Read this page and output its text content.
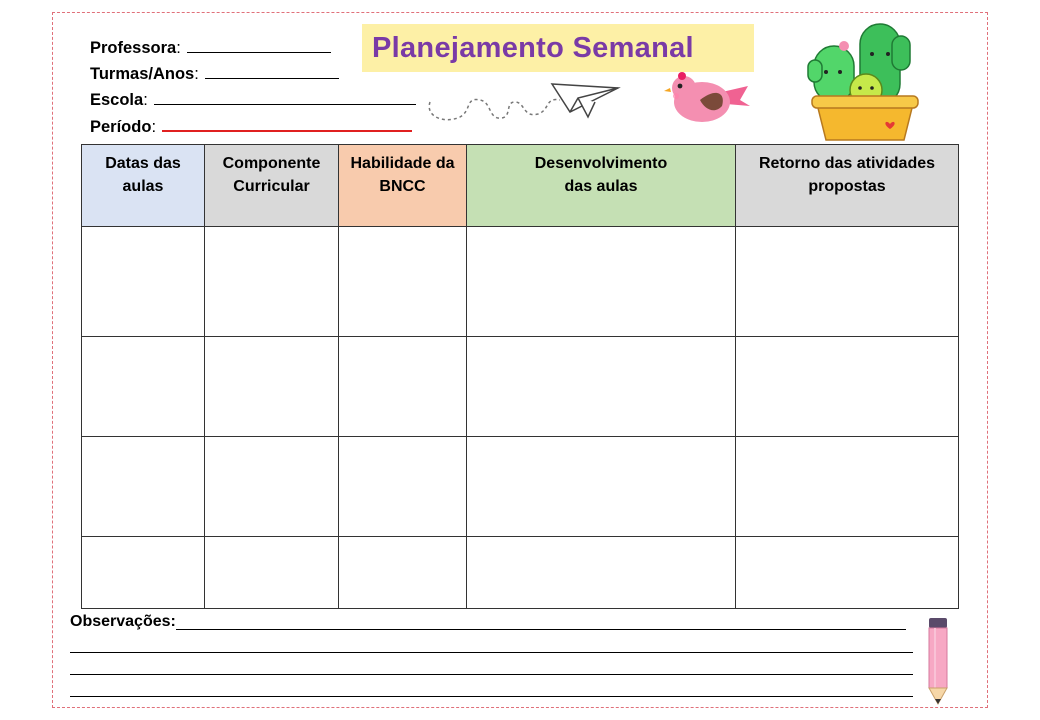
Professora:
Turmas/Anos:
Escola:
Período:
Planejamento Semanal
Datas das aulas	Componente Curricular	Habilidade da BNCC	Desenvolvimento das aulas	Retorno das atividades propostas

Observações:
